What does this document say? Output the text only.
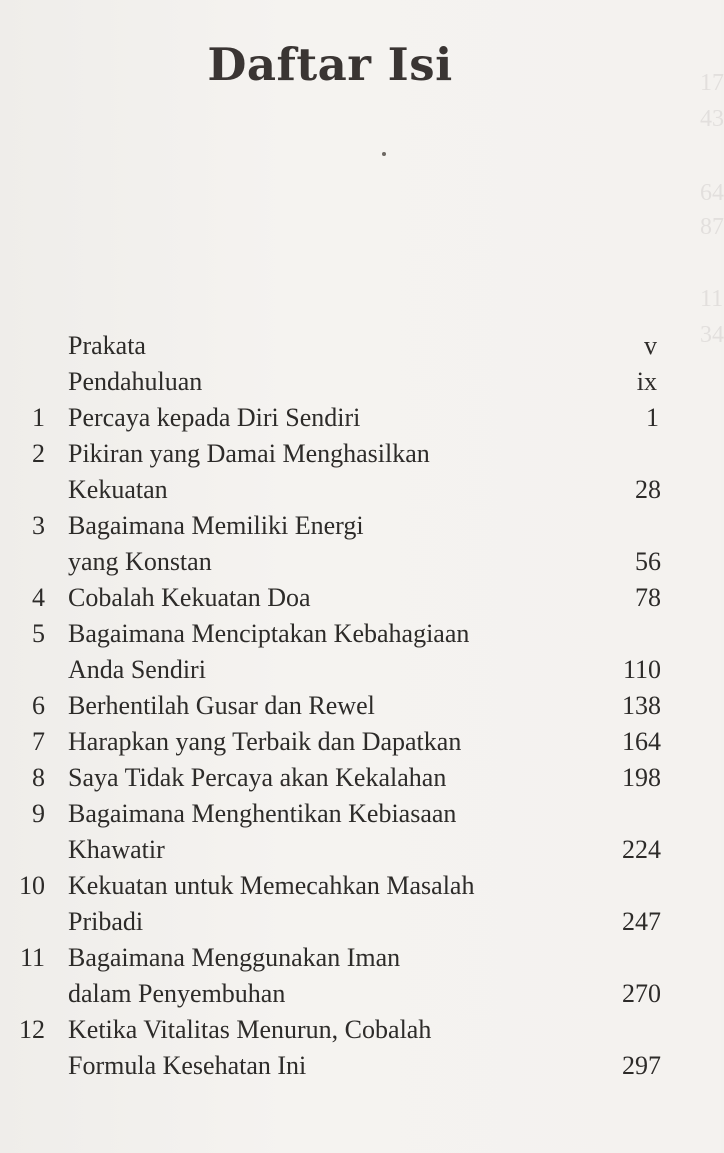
17
43
64
87
11
34
Daftar Isi
Prakata	v
Pendahuluan	ix
1 Percaya kepada Diri Sendiri	1
2 Pikiran yang Damai Menghasilkan
Kekuatan	28
3 Bagaimana Memiliki Energi
yang Konstan	56
4 Cobalah Kekuatan Doa	78
5 Bagaimana Menciptakan Kebahagiaan
Anda Sendiri	110
6 Berhentilah Gusar dan Rewel	138
7 Harapkan yang Terbaik dan Dapatkan	164
8 Saya Tidak Percaya akan Kekalahan	198
9 Bagaimana Menghentikan Kebiasaan
Khawatir	224
10 Kekuatan untuk Memecahkan Masalah
Pribadi	247
11 Bagaimana Menggunakan Iman
dalam Penyembuhan	270
12 Ketika Vitalitas Menurun, Cobalah
Formula Kesehatan Ini	297
